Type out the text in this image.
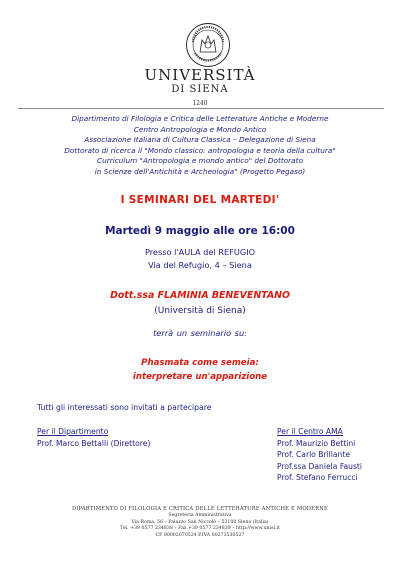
UNIVERSITÀ
DI SIENA
1240
Dipartimento di Filologia e Critica delle Letterature Antiche e Moderne
Centro Antropologia e Mondo Antico
Associazione Italiana di Cultura Classica – Delegazione di Siena
Dottorato di ricerca il "Mondo classico: antropologia e teoria della cultura"
Curriculum "Antropologia e mondo antico" del Dottorato
in Scienze dell'Antichità e Archeologia" (Progetto Pegaso)
I SEMINARI DEL MARTEDI'
Martedì 9 maggio alle ore 16:00
Presso l'AULA del REFUGIO
Via del Refugio, 4 – Siena
Dott.ssa FLAMINIA BENEVENTANO
(Università di Siena)
terrà un seminario su:
Phasmata come semeia:
interpretare un'apparizione
Tutti gli interessati sono invitati a partecipare
Per il Dipartimento
Prof. Marco Bettalli (Direttore)
Per il Centro AMA
Prof. Maurizio Bettini
Prof. Carlo Brillante
Prof.ssa Daniela Fausti
Prof. Stefano Ferrucci
DIPARTIMENTO DI FILOLOGIA E CRITICA DELLE LETTERATURE ANTICHE E MODERNE
Segreteria Amministrativa
Via Roma, 56 – Palazzo San Niccolò – 53100 Siena (Italia)
Tel. +39 0577 234838 – Fax +39 0577 234839 – http://www.unisi.it
CF 80002070524 P.IVA 00273530527
